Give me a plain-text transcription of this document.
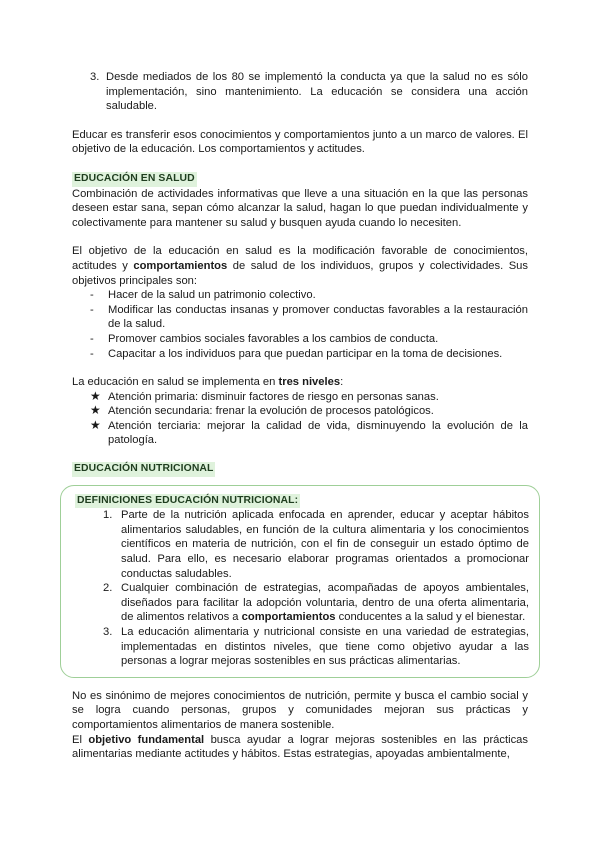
3. Desde mediados de los 80 se implementó la conducta ya que la salud no es sólo implementación, sino mantenimiento. La educación se considera una acción saludable.

Educar es transferir esos conocimientos y comportamientos junto a un marco de valores. El objetivo de la educación. Los comportamientos y actitudes.

EDUCACIÓN EN SALUD

Combinación de actividades informativas que lleve a una situación en la que las personas deseen estar sana, sepan cómo alcanzar la salud, hagan lo que puedan individualmente y colectivamente para mantener su salud y busquen ayuda cuando lo necesiten.

El objetivo de la educación en salud es la modificación favorable de conocimientos, actitudes y comportamientos de salud de los individuos, grupos y colectividades. Sus objetivos principales son:

- Hacer de la salud un patrimonio colectivo.
- Modificar las conductas insanas y promover conductas favorables a la restauración de la salud.
- Promover cambios sociales favorables a los cambios de conducta.
- Capacitar a los individuos para que puedan participar en la toma de decisiones.

La educación en salud se implementa en tres niveles:

★ Atención primaria: disminuir factores de riesgo en personas sanas.
★ Atención secundaria: frenar la evolución de procesos patológicos.
★ Atención terciaria: mejorar la calidad de vida, disminuyendo la evolución de la patología.
EDUCACIÓN NUTRICIONAL
DEFINICIONES EDUCACIÓN NUTRICIONAL:
1. Parte de la nutrición aplicada enfocada en aprender, educar y aceptar hábitos alimentarios saludables, en función de la cultura alimentaria y los conocimientos científicos en materia de nutrición, con el fin de conseguir un estado óptimo de salud. Para ello, es necesario elaborar programas orientados a promocionar conductas saludables.
2. Cualquier combinación de estrategias, acompañadas de apoyos ambientales, diseñados para facilitar la adopción voluntaria, dentro de una oferta alimentaria, de alimentos relativos a comportamientos conducentes a la salud y el bienestar.
3. La educación alimentaria y nutricional consiste en una variedad de estrategias, implementadas en distintos niveles, que tiene como objetivo ayudar a las personas a lograr mejoras sostenibles en sus prácticas alimentarias.

No es sinónimo de mejores conocimientos de nutrición, permite y busca el cambio social y se logra cuando personas, grupos y comunidades mejoran sus prácticas y comportamientos alimentarios de manera sostenible.

El objetivo fundamental busca ayudar a lograr mejoras sostenibles en las prácticas alimentarias mediante actitudes y hábitos. Estas estrategias, apoyadas ambientalmente,
